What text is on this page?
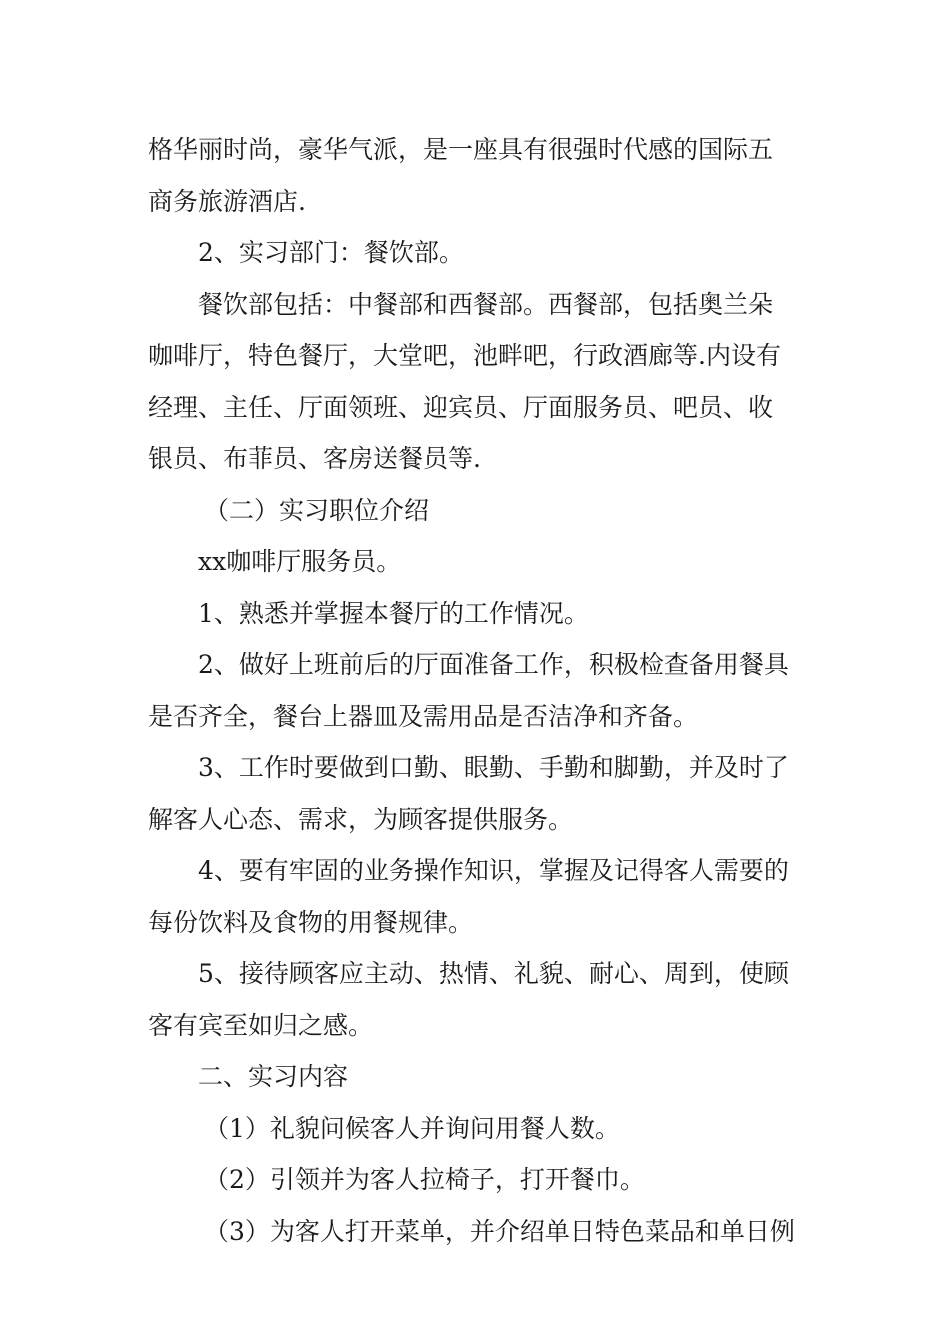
格华丽时尚，豪华气派，是一座具有很强时代感的国际五
商务旅游酒店.
2、实习部门：餐饮部。
餐饮部包括：中餐部和西餐部。西餐部，包括奥兰朵
咖啡厅，特色餐厅，大堂吧，池畔吧，行政酒廊等.内设有
经理、主任、厅面领班、迎宾员、厅面服务员、吧员、收
银员、布菲员、客房送餐员等.
（二）实习职位介绍
xx咖啡厅服务员。
1、熟悉并掌握本餐厅的工作情况。
2、做好上班前后的厅面准备工作，积极检查备用餐具
是否齐全，餐台上器皿及需用品是否洁净和齐备。
3、工作时要做到口勤、眼勤、手勤和脚勤，并及时了
解客人心态、需求，为顾客提供服务。
4、要有牢固的业务操作知识，掌握及记得客人需要的
每份饮料及食物的用餐规律。
5、接待顾客应主动、热情、礼貌、耐心、周到，使顾
客有宾至如归之感。
二、实习内容
（1）礼貌问候客人并询问用餐人数。
（2）引领并为客人拉椅子，打开餐巾。
（3）为客人打开菜单，并介绍单日特色菜品和单日例
